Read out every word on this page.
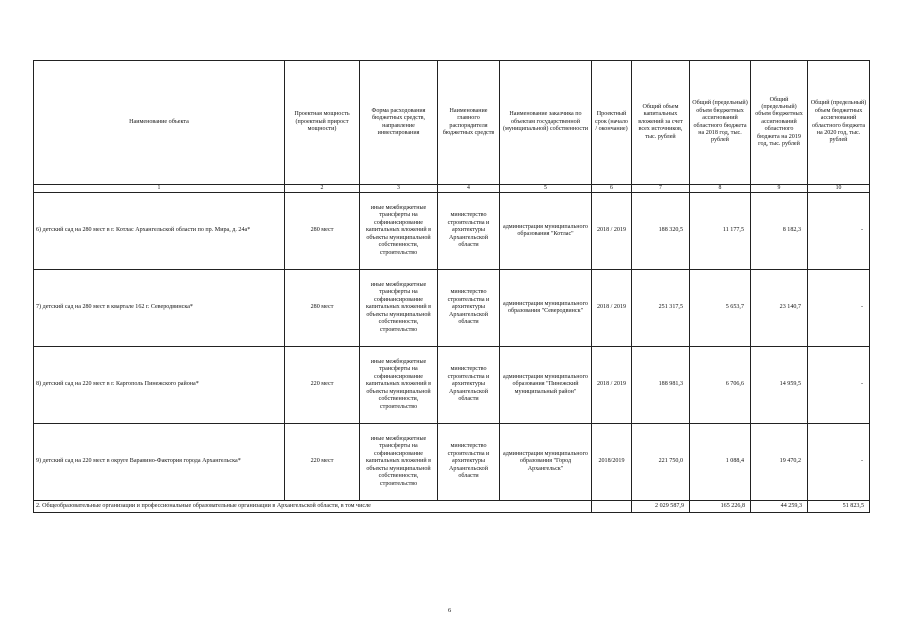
Наименование объекта	Проектная мощность (проектный прирост мощности)	Форма расходования бюджетных средств, направление инвестирования	Наименование главного распорядителя бюджетных средств	Наименование заказчика по объектам государственной (муниципальной) собственности	Проектный срок (начало / окончание)	Общий объем капитальных вложений за счет всех источников, тыс. рублей	Общий (предельный) объем бюджетных ассигнований областного бюджета на 2018 год, тыс. рублей	Общий (предельный) объем бюджетных ассигнований областного бюджета на 2019 год, тыс. рублей	Общий (предельный) объем бюджетных ассигнований областного бюджета на 2020 год, тыс. рублей
1	2	3	4	5	6	7	8	9	10
6) детский сад на 280 мест в г. Котлас Архангельской области по пр. Мира, д. 24а*	280 мест	иные межбюджетные трансферты на софинансирование капитальных вложений в объекты муниципальной собственности, строительство	министерство строительства и архитектуры Архангельской области	администрация муниципального образования "Котлас"	2018 / 2019	188 320,5	11 177,5	8 182,3	-
7) детский сад на 280 мест в квартале 162 г. Северодвинска*	280 мест	иные межбюджетные трансферты на софинансирование капитальных вложений в объекты муниципальной собственности, строительство	министерство строительства и архитектуры Архангельской области	администрация муниципального образования "Северодвинск"	2018 / 2019	251 317,5	5 653,7	23 140,7	-
8) детский сад на 220 мест в г. Каргополь Пинежского района*	220 мест	иные межбюджетные трансферты на софинансирование капитальных вложений в объекты муниципальной собственности, строительство	министерство строительства и архитектуры Архангельской области	администрация муниципального образования "Пинежский муниципальный район"	2018 / 2019	188 981,3	6 706,6	14 959,5	-
9) детский сад на 220 мест в округе Варавино-Фактория города Архангельска*	220 мест	иные межбюджетные трансферты на софинансирование капитальных вложений в объекты муниципальной собственности, строительство	министерство строительства и архитектуры Архангельской области	администрация муниципального образования "Город Архангельск"	2018/2019	221 750,0	1 088,4	19 470,2	-
2. Общеобразовательные организации и профессиональные образовательные организации в Архангельской области, в том числе						2 029 587,9	165 226,8	44 259,3	51 823,5
6
